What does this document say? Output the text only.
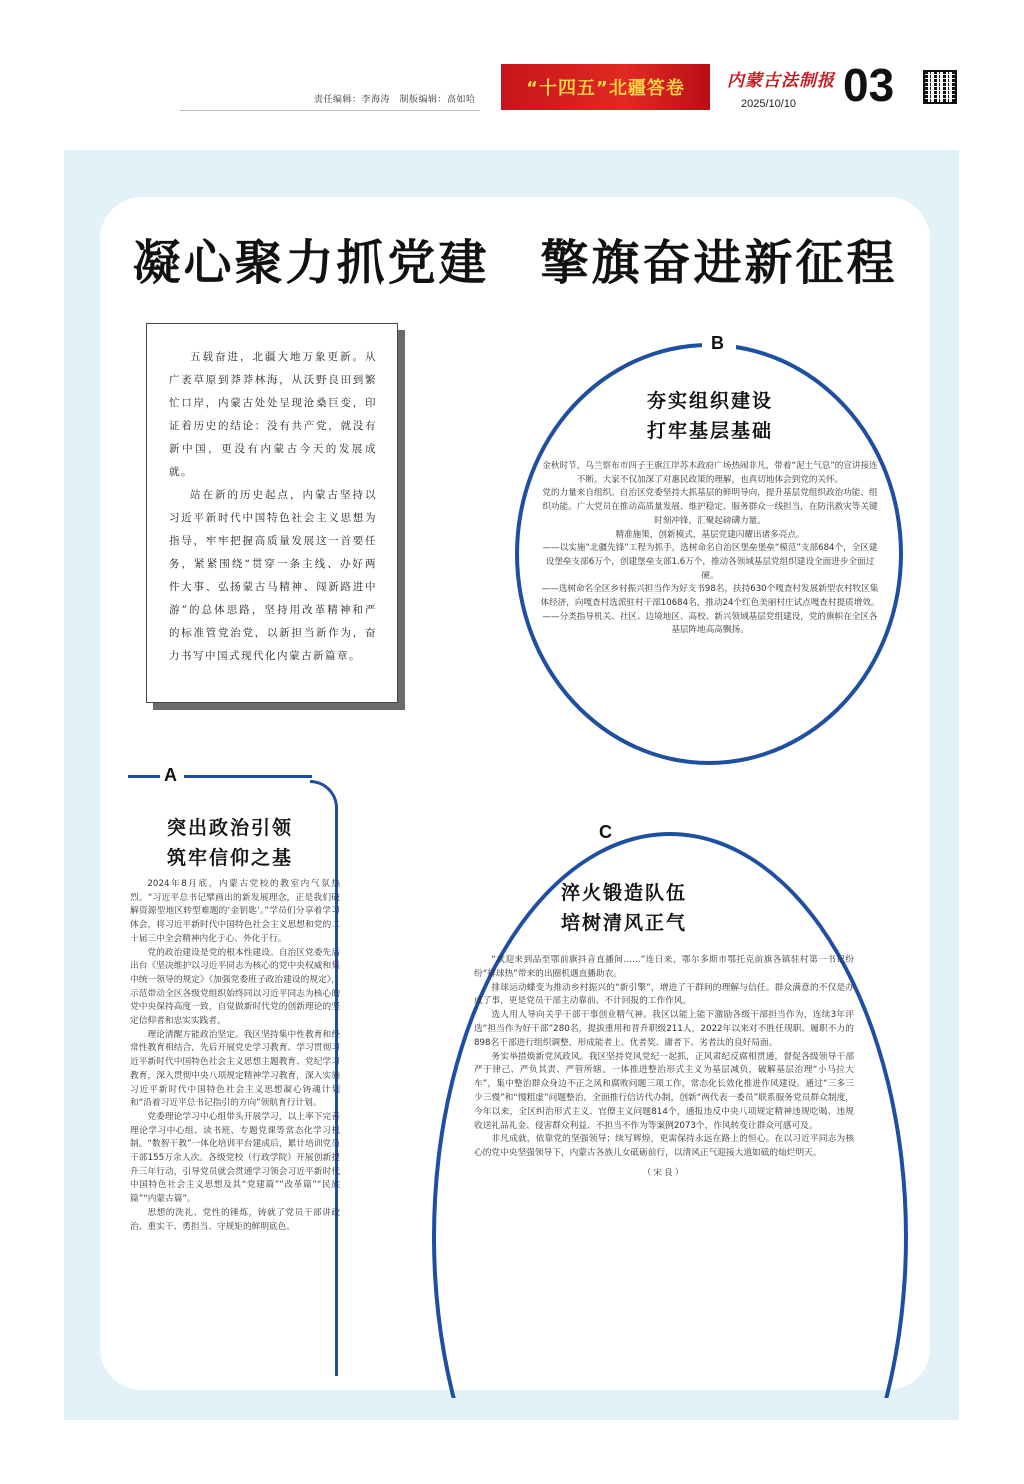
责任编辑：李海涛　制版编辑：高如哈
“十四五”北疆答卷	内蒙古法制报
2025/10/10 03
凝心聚力抓党建　擎旗奋进新征程

五载奋进，北疆大地万象更新。从广袤草原到莽莽林海，从沃野良田到繁忙口岸，内蒙古处处呈现沧桑巨变，印证着历史的结论：没有共产党，就没有新中国，更没有内蒙古今天的发展成就。

站在新的历史起点，内蒙古坚持以习近平新时代中国特色社会主义思想为指导，牢牢把握高质量发展这一首要任务，紧紧围绕“贯穿一条主线、办好两件大事、弘扬蒙古马精神、闯新路进中游”的总体思路，坚持用改革精神和严的标准管党治党，以新担当新作为，奋力书写中国式现代化内蒙古新篇章。

B
夯实组织建设
打牢基层基础

金秋时节，乌兰察布市四子王旗江岸苏木政府广场热闹非凡，带着“泥土气息”的宣讲接连不断。大家不仅加深了对惠民政策的理解，也真切地体会到党的关怀。

党的力量来自组织。自治区党委坚持大抓基层的鲜明导向，提升基层党组织政治功能、组织功能。广大党员在推动高质量发展、维护稳定、服务群众一线担当，在防汛救灾等关键时刻冲锋，汇聚起磅礴力量。

精准施策，创新模式，基层党建闪耀出诸多亮点。

——以实施“北疆先锋”工程为抓手，选树命名自治区堡垒堡垒“模范”支部684个，全区建设堡垒支部6万个，创建堡垒支部1.6万个，推动各领域基层党组织建设全面进步全面过硬。

——选树命名全区乡村振兴担当作为好支书98名，扶持630个嘎查村发展新型农村牧区集体经济，向嘎查村选派驻村干部10684名，推动24个红色美丽村庄试点嘎查村提质增效。

——分类指导机关、社区、边境地区、高校、新兴领域基层党组建设，党的旗帜在全区各基层阵地高高飘扬。

A
突出政治引领
筑牢信仰之基

2024年8月底，内蒙古党校的教室内气氛热烈。“习近平总书记擘画出的新发展理念，正是我们破解资源型地区转型难题的‘金钥匙’。”学员们分享着学习体会，将习近平新时代中国特色社会主义思想和党的二十届三中全会精神内化于心、外化于行。

党的政治建设是党的根本性建设。自治区党委先后出台《坚决维护以习近平同志为核心的党中央权威和集中统一领导的规定》《加强党委班子政治建设的规定》，示范带动全区各级党组织始终同以习近平同志为核心的党中央保持高度一致，自觉做新时代党的创新理论的坚定信仰者和忠实实践者。

理论清醒方能政治坚定。我区坚持集中性教育和经常性教育相结合，先后开展党史学习教育、学习贯彻习近平新时代中国特色社会主义思想主题教育、党纪学习教育，深入贯彻中央八项规定精神学习教育，深入实施习近平新时代中国特色社会主义思想凝心铸魂计划和“沿着习近平总书记指引的方向”领航育行计划。

党委理论学习中心组带头开展学习，以上率下完善理论学习中心组、读书班、专题党课等常态化学习机制。“数智干教”一体化培训平台建成后，累计培训党员干部155万余人次。各级党校（行政学院）开展创新提升三年行动，引导党员就会贯通学习领会习近平新时代中国特色社会主义思想及其“党建篇”“改革篇”“民族篇”“内蒙古篇”。

思想的洗礼、党性的锤炼，铸就了党员干部讲政治、重实干、勇担当、守规矩的鲜明底色。

C
淬火锻造队伍
培树清风正气

“欢迎来到品至鄂前旗抖音直播间……”连日来，鄂尔多斯市鄂托克前旗各镇驻村第一书记纷纷“排球热”带来的出圈机遇直播助农。

排球运动蝶变为推动乡村振兴的“新引擎”，增进了干群间的理解与信任。群众满意的不仅是办成了事，更是党员干部主动靠前、不计回报的工作作风。

选人用人导向关乎干部干事创业精气神。我区以能上能下激励各级干部担当作为，连续3年评选“担当作为好干部”280名，提拔重用和晋升职级211人，2022年以来对不胜任现职、履职不力的898名干部进行组织调整，形成能者上、优者奖、庸者下、劣者汰的良好局面。

务实举措焕新党风政风。我区坚持党风党纪一起抓，正风肃纪反腐相贯通，督促各级领导干部严于律己、严负其责、严管所辖。一体推进整治形式主义为基层减负，破解基层治理“小马拉大车”，集中整治群众身边不正之风和腐败问题三项工作，常态化长效化推进作风建设。通过“三多三少三慢”和“慢粗虚”问题整治，全面推行信访代办制，创新“两代表一委员”联系服务党员群众制度，今年以来，全区纠治形式主义、官僚主义问题814个，通报违反中央八项规定精神违规吃喝、违规收送礼品礼金、侵害群众利益、不担当不作为等案例2073个，作风转变让群众可感可及。

非凡成就，依靠党的坚强领导；续写辉煌，更需保持永远在路上的恒心。在以习近平同志为核心的党中央坚强领导下，内蒙古各族儿女砥砺前行，以清风正气迎接大道如砥的灿烂明天。

（宋良）
